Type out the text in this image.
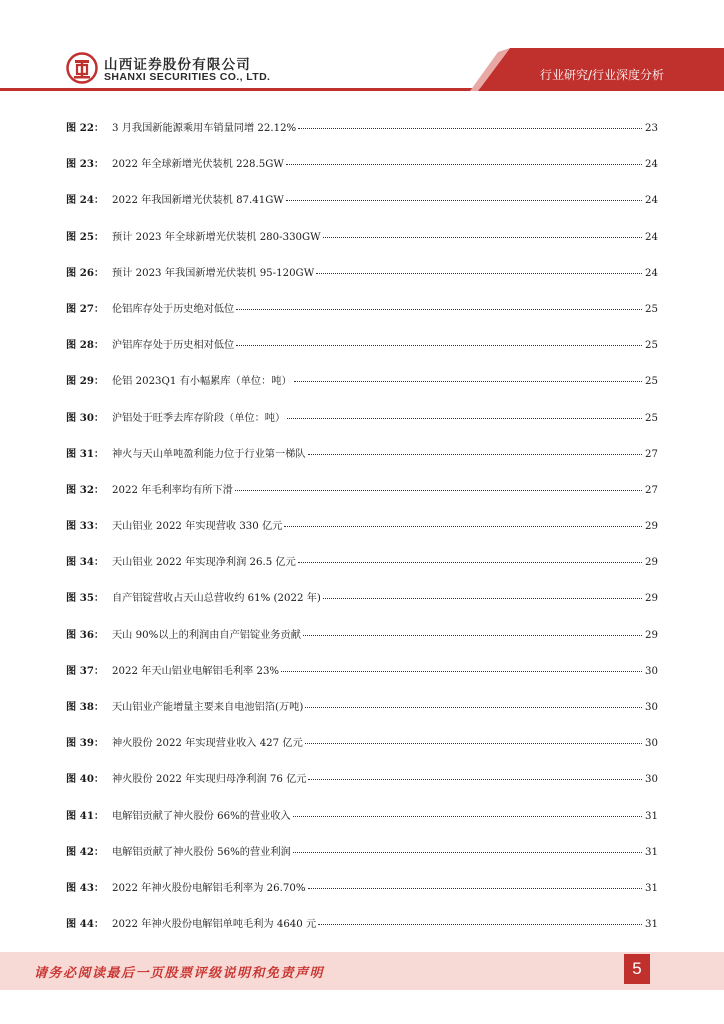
山西证券股份有限公司
SHANXI SECURITIES CO., LTD.	行业研究/行业深度分析
图 22： 3 月我国新能源乘用车销量同增 22.12%	23
图 23： 2022 年全球新增光伏装机 228.5GW	24
图 24： 2022 年我国新增光伏装机 87.41GW	24
图 25： 预计 2023 年全球新增光伏装机 280-330GW	24
图 26： 预计 2023 年我国新增光伏装机 95-120GW	24
图 27： 伦铝库存处于历史绝对低位	25
图 28： 沪铝库存处于历史相对低位	25
图 29： 伦铝 2023Q1 有小幅累库（单位：吨）	25
图 30： 沪铝处于旺季去库存阶段（单位：吨）	25
图 31： 神火与天山单吨盈利能力位于行业第一梯队	27
图 32： 2022 年毛利率均有所下滑	27
图 33： 天山铝业 2022 年实现营收 330 亿元	29
图 34： 天山铝业 2022 年实现净利润 26.5 亿元	29
图 35： 自产铝锭营收占天山总营收约 61% (2022 年)	29
图 36： 天山 90%以上的利润由自产铝锭业务贡献	29
图 37： 2022 年天山铝业电解铝毛利率 23%	30
图 38： 天山铝业产能增量主要来自电池铝箔(万吨)	30
图 39： 神火股份 2022 年实现营业收入 427 亿元	30
图 40： 神火股份 2022 年实现归母净利润 76 亿元	30
图 41： 电解铝贡献了神火股份 66%的营业收入	31
图 42： 电解铝贡献了神火股份 56%的营业利润	31
图 43： 2022 年神火股份电解铝毛利率为 26.70%	31
图 44： 2022 年神火股份电解铝单吨毛利为 4640 元	31
请务必阅读最后一页股票评级说明和免责声明	5
